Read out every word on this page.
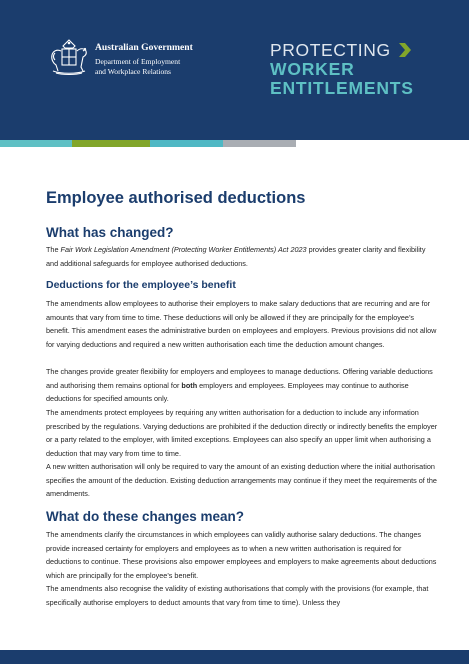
Australian Government
Department of Employment
and Workplace Relations
PROTECTING
WORKER
ENTITLEMENTS
Employee authorised deductions
What has changed?

The Fair Work Legislation Amendment (Protecting Worker Entitlements) Act 2023 provides greater clarity and flexibility and additional safeguards for employee authorised deductions.

Deductions for the employee’s benefit

The amendments allow employees to authorise their employers to make salary deductions that are recurring and are for amounts that vary from time to time. These deductions will only be allowed if they are principally for the employee’s benefit. This amendment eases the administrative burden on employees and employers. Previous provisions did not allow for varying deductions and required a new written authorisation each time the deduction amount changes.

The changes provide greater flexibility for employers and employees to manage deductions. Offering variable deductions and authorising them remains optional for both employers and employees. Employees may continue to authorise deductions for specified amounts only.

The amendments protect employees by requiring any written authorisation for a deduction to include any information prescribed by the regulations. Varying deductions are prohibited if the deduction directly or indirectly benefits the employer or a party related to the employer, with limited exceptions. Employees can also specify an upper limit when authorising a deduction that may vary from time to time.

A new written authorisation will only be required to vary the amount of an existing deduction where the initial authorisation specifies the amount of the deduction. Existing deduction arrangements may continue if they meet the requirements of the amendments.

What do these changes mean?

The amendments clarify the circumstances in which employees can validly authorise salary deductions. The changes provide increased certainty for employers and employees as to when a new written authorisation is required for deductions to continue. These provisions also empower employees and employers to make agreements about deductions which are principally for the employee’s benefit.

The amendments also recognise the validity of existing authorisations that comply with the provisions (for example, that specifically authorise employers to deduct amounts that vary from time to time). Unless they
